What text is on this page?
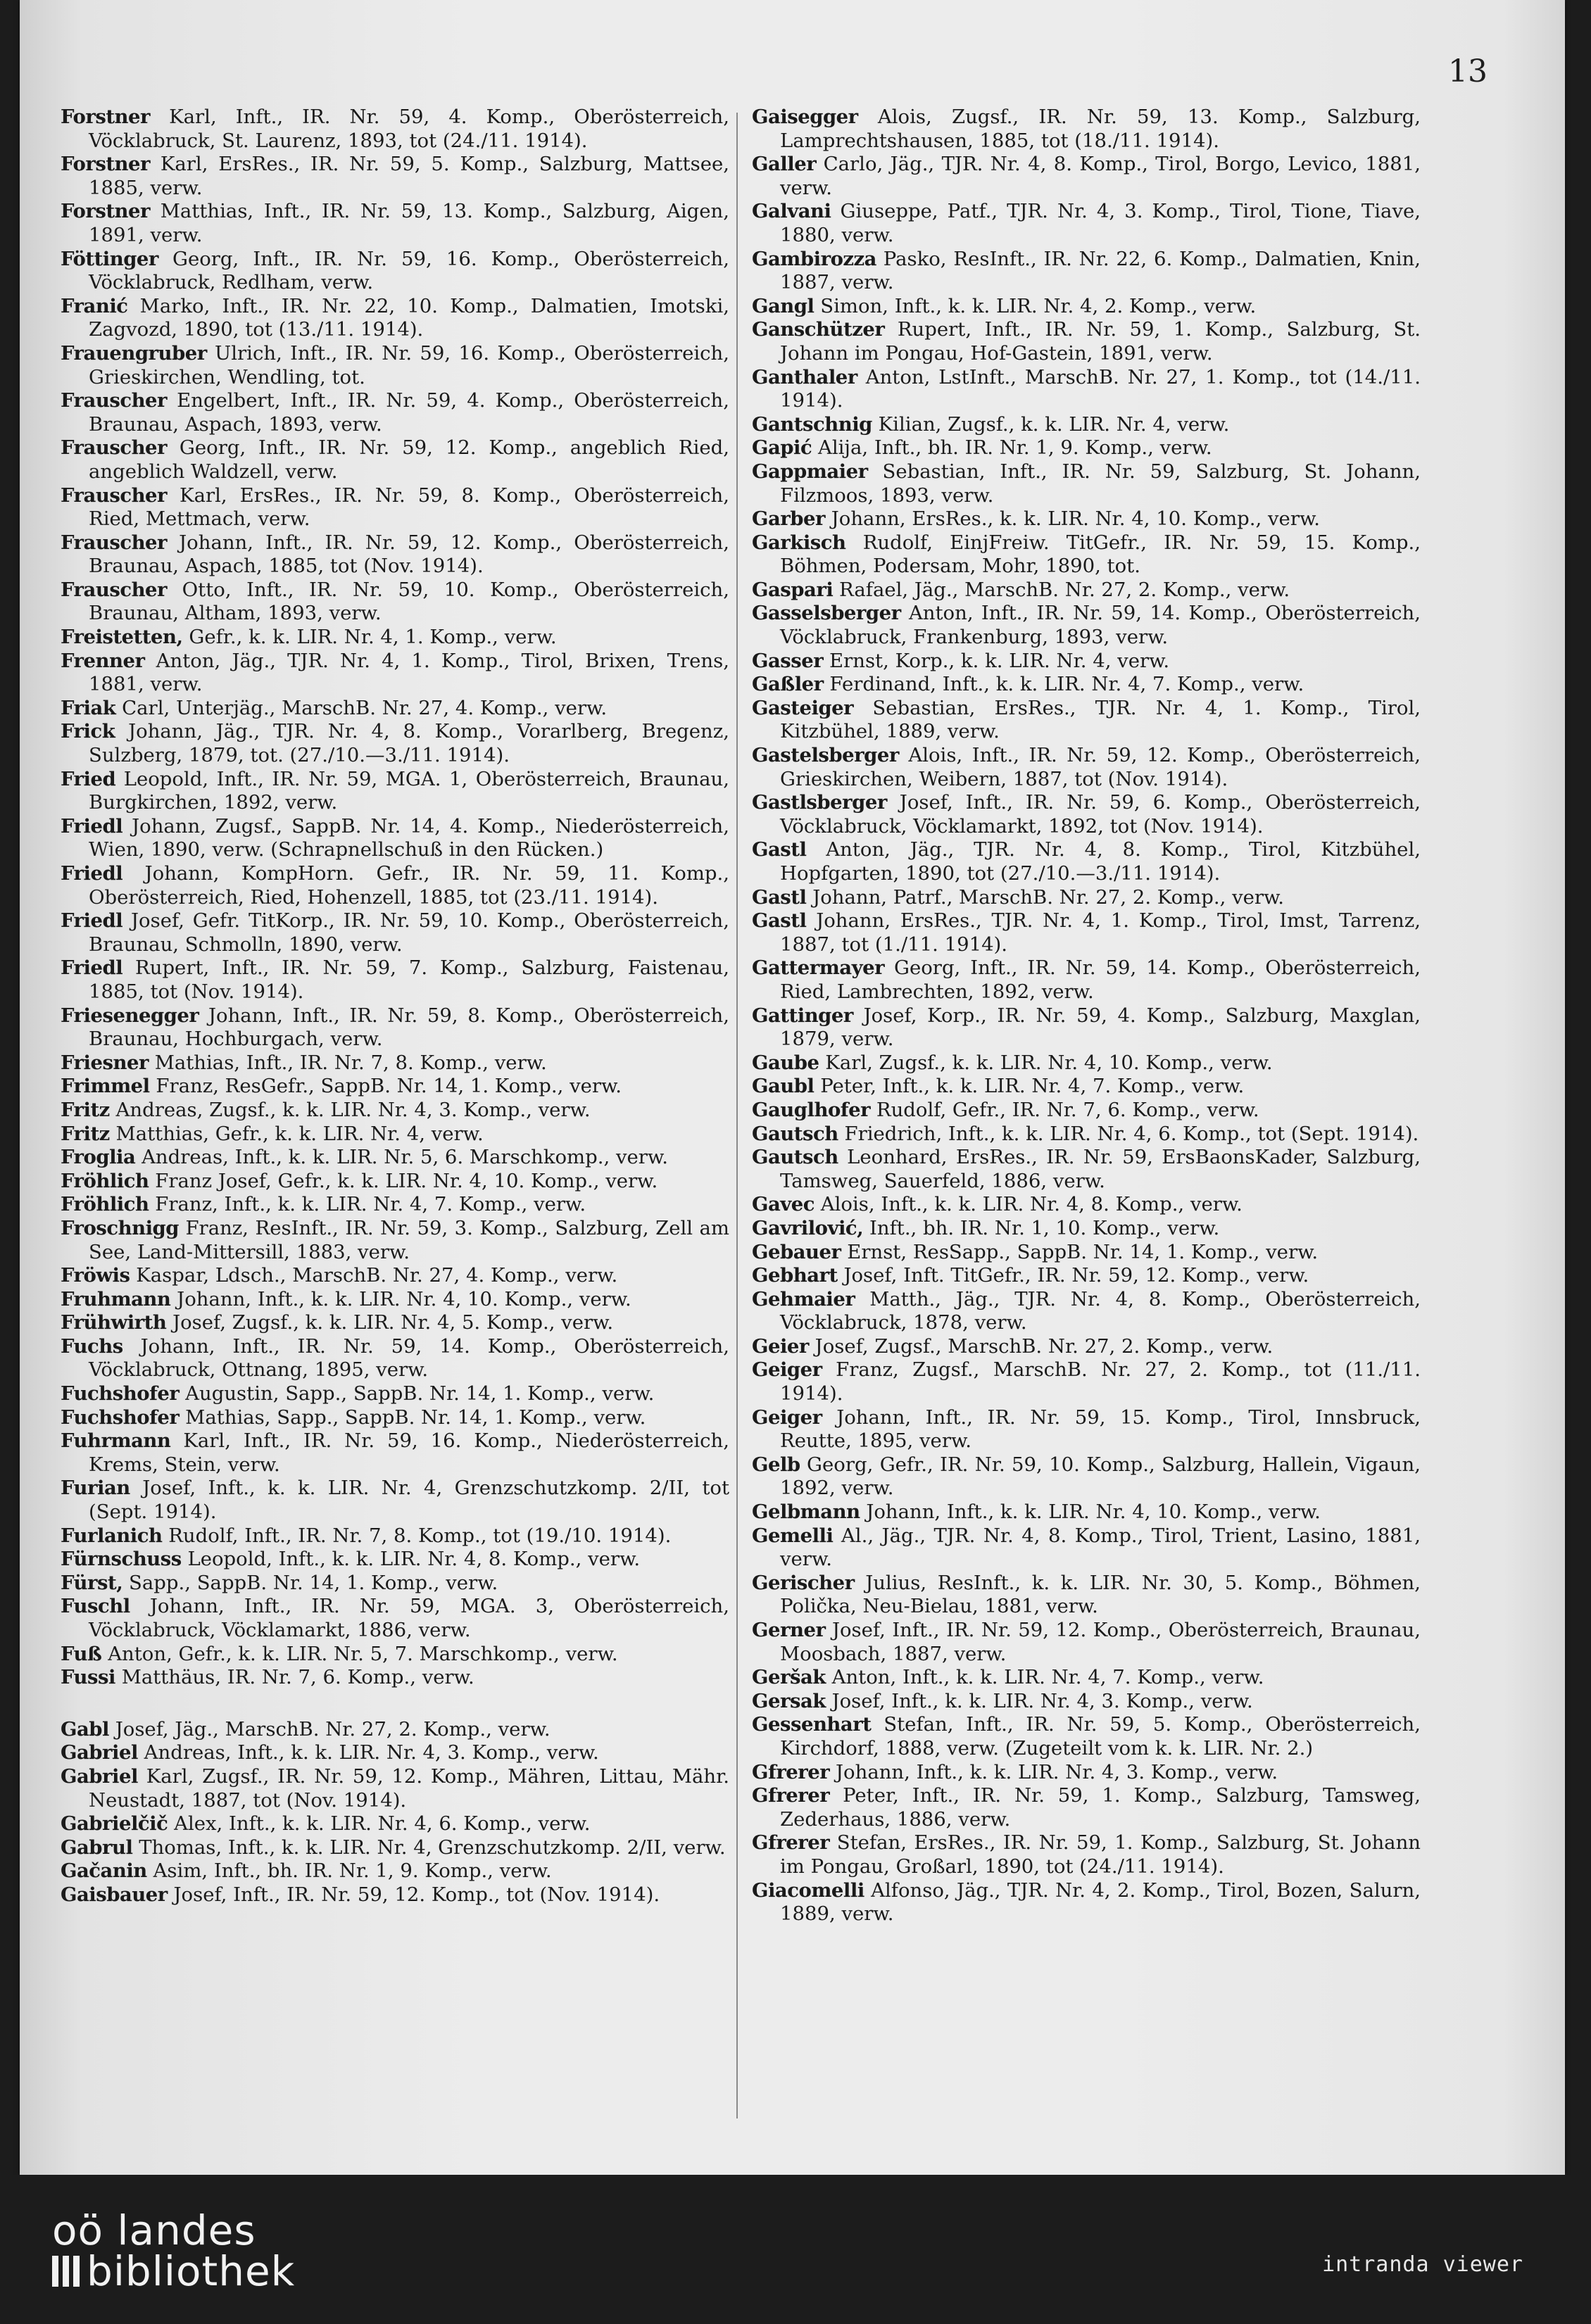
13

Forstner Karl, Inft., IR. Nr. 59, 4. Komp., Oberösterreich, Vöcklabruck, St. Laurenz, 1893, tot (24./11. 1914).

Forstner Karl, ErsRes., IR. Nr. 59, 5. Komp., Salzburg, Mattsee, 1885, verw.

Forstner Matthias, Inft., IR. Nr. 59, 13. Komp., Salzburg, Aigen, 1891, verw.

Föttinger Georg, Inft., IR. Nr. 59, 16. Komp., Oberösterreich, Vöcklabruck, Redlham, verw.

Franić Marko, Inft., IR. Nr. 22, 10. Komp., Dalmatien, Imotski, Zagvozd, 1890, tot (13./11. 1914).

Frauengruber Ulrich, Inft., IR. Nr. 59, 16. Komp., Oberösterreich, Grieskirchen, Wendling, tot.

Frauscher Engelbert, Inft., IR. Nr. 59, 4. Komp., Oberösterreich, Braunau, Aspach, 1893, verw.

Frauscher Georg, Inft., IR. Nr. 59, 12. Komp., angeblich Ried, angeblich Waldzell, verw.

Frauscher Karl, ErsRes., IR. Nr. 59, 8. Komp., Oberösterreich, Ried, Mettmach, verw.

Frauscher Johann, Inft., IR. Nr. 59, 12. Komp., Oberösterreich, Braunau, Aspach, 1885, tot (Nov. 1914).

Frauscher Otto, Inft., IR. Nr. 59, 10. Komp., Oberösterreich, Braunau, Altham, 1893, verw.

Freistetten, Gefr., k. k. LIR. Nr. 4, 1. Komp., verw.

Frenner Anton, Jäg., TJR. Nr. 4, 1. Komp., Tirol, Brixen, Trens, 1881, verw.

Friak Carl, Unterjäg., MarschB. Nr. 27, 4. Komp., verw.

Frick Johann, Jäg., TJR. Nr. 4, 8. Komp., Vorarlberg, Bregenz, Sulzberg, 1879, tot. (27./10.—3./11. 1914).

Fried Leopold, Inft., IR. Nr. 59, MGA. 1, Oberösterreich, Braunau, Burgkirchen, 1892, verw.

Friedl Johann, Zugsf., SappB. Nr. 14, 4. Komp., Niederösterreich, Wien, 1890, verw. (Schrapnellschuß in den Rücken.)

Friedl Johann, KompHorn. Gefr., IR. Nr. 59, 11. Komp., Oberösterreich, Ried, Hohenzell, 1885, tot (23./11. 1914).

Friedl Josef, Gefr. TitKorp., IR. Nr. 59, 10. Komp., Oberösterreich, Braunau, Schmolln, 1890, verw.

Friedl Rupert, Inft., IR. Nr. 59, 7. Komp., Salzburg, Faistenau, 1885, tot (Nov. 1914).

Friesenegger Johann, Inft., IR. Nr. 59, 8. Komp., Oberösterreich, Braunau, Hochburgach, verw.

Friesner Mathias, Inft., IR. Nr. 7, 8. Komp., verw.

Frimmel Franz, ResGefr., SappB. Nr. 14, 1. Komp., verw.

Fritz Andreas, Zugsf., k. k. LIR. Nr. 4, 3. Komp., verw.

Fritz Matthias, Gefr., k. k. LIR. Nr. 4, verw.

Froglia Andreas, Inft., k. k. LIR. Nr. 5, 6. Marschkomp., verw.

Fröhlich Franz Josef, Gefr., k. k. LIR. Nr. 4, 10. Komp., verw.

Fröhlich Franz, Inft., k. k. LIR. Nr. 4, 7. Komp., verw.

Froschnigg Franz, ResInft., IR. Nr. 59, 3. Komp., Salzburg, Zell am See, Land-Mittersill, 1883, verw.

Fröwis Kaspar, Ldsch., MarschB. Nr. 27, 4. Komp., verw.

Fruhmann Johann, Inft., k. k. LIR. Nr. 4, 10. Komp., verw.

Frühwirth Josef, Zugsf., k. k. LIR. Nr. 4, 5. Komp., verw.

Fuchs Johann, Inft., IR. Nr. 59, 14. Komp., Oberösterreich, Vöcklabruck, Ottnang, 1895, verw.

Fuchshofer Augustin, Sapp., SappB. Nr. 14, 1. Komp., verw.

Fuchshofer Mathias, Sapp., SappB. Nr. 14, 1. Komp., verw.

Fuhrmann Karl, Inft., IR. Nr. 59, 16. Komp., Niederösterreich, Krems, Stein, verw.

Furian Josef, Inft., k. k. LIR. Nr. 4, Grenzschutzkomp. 2/II, tot (Sept. 1914).

Furlanich Rudolf, Inft., IR. Nr. 7, 8. Komp., tot (19./10. 1914).

Fürnschuss Leopold, Inft., k. k. LIR. Nr. 4, 8. Komp., verw.

Fürst, Sapp., SappB. Nr. 14, 1. Komp., verw.

Fuschl Johann, Inft., IR. Nr. 59, MGA. 3, Oberösterreich, Vöcklabruck, Vöcklamarkt, 1886, verw.

Fuß Anton, Gefr., k. k. LIR. Nr. 5, 7. Marschkomp., verw.

Fussi Matthäus, IR. Nr. 7, 6. Komp., verw.

Gabl Josef, Jäg., MarschB. Nr. 27, 2. Komp., verw.

Gabriel Andreas, Inft., k. k. LIR. Nr. 4, 3. Komp., verw.

Gabriel Karl, Zugsf., IR. Nr. 59, 12. Komp., Mähren, Littau, Mähr. Neustadt, 1887, tot (Nov. 1914).

Gabrielčič Alex, Inft., k. k. LIR. Nr. 4, 6. Komp., verw.

Gabrul Thomas, Inft., k. k. LIR. Nr. 4, Grenzschutzkomp. 2/II, verw.

Gačanin Asim, Inft., bh. IR. Nr. 1, 9. Komp., verw.

Gaisbauer Josef, Inft., IR. Nr. 59, 12. Komp., tot (Nov. 1914).

Gaisegger Alois, Zugsf., IR. Nr. 59, 13. Komp., Salzburg, Lamprechtshausen, 1885, tot (18./11. 1914).

Galler Carlo, Jäg., TJR. Nr. 4, 8. Komp., Tirol, Borgo, Levico, 1881, verw.

Galvani Giuseppe, Patf., TJR. Nr. 4, 3. Komp., Tirol, Tione, Tiave, 1880, verw.

Gambirozza Pasko, ResInft., IR. Nr. 22, 6. Komp., Dalmatien, Knin, 1887, verw.

Gangl Simon, Inft., k. k. LIR. Nr. 4, 2. Komp., verw.

Ganschützer Rupert, Inft., IR. Nr. 59, 1. Komp., Salzburg, St. Johann im Pongau, Hof-Gastein, 1891, verw.

Ganthaler Anton, LstInft., MarschB. Nr. 27, 1. Komp., tot (14./11. 1914).

Gantschnig Kilian, Zugsf., k. k. LIR. Nr. 4, verw.

Gapić Alija, Inft., bh. IR. Nr. 1, 9. Komp., verw.

Gappmaier Sebastian, Inft., IR. Nr. 59, Salzburg, St. Johann, Filzmoos, 1893, verw.

Garber Johann, ErsRes., k. k. LIR. Nr. 4, 10. Komp., verw.

Garkisch Rudolf, EinjFreiw. TitGefr., IR. Nr. 59, 15. Komp., Böhmen, Podersam, Mohr, 1890, tot.

Gaspari Rafael, Jäg., MarschB. Nr. 27, 2. Komp., verw.

Gasselsberger Anton, Inft., IR. Nr. 59, 14. Komp., Oberösterreich, Vöcklabruck, Frankenburg, 1893, verw.

Gasser Ernst, Korp., k. k. LIR. Nr. 4, verw.

Gaßler Ferdinand, Inft., k. k. LIR. Nr. 4, 7. Komp., verw.

Gasteiger Sebastian, ErsRes., TJR. Nr. 4, 1. Komp., Tirol, Kitzbühel, 1889, verw.

Gastelsberger Alois, Inft., IR. Nr. 59, 12. Komp., Oberösterreich, Grieskirchen, Weibern, 1887, tot (Nov. 1914).

Gastlsberger Josef, Inft., IR. Nr. 59, 6. Komp., Oberösterreich, Vöcklabruck, Vöcklamarkt, 1892, tot (Nov. 1914).

Gastl Anton, Jäg., TJR. Nr. 4, 8. Komp., Tirol, Kitzbühel, Hopfgarten, 1890, tot (27./10.—3./11. 1914).

Gastl Johann, Patrf., MarschB. Nr. 27, 2. Komp., verw.

Gastl Johann, ErsRes., TJR. Nr. 4, 1. Komp., Tirol, Imst, Tarrenz, 1887, tot (1./11. 1914).

Gattermayer Georg, Inft., IR. Nr. 59, 14. Komp., Oberösterreich, Ried, Lambrechten, 1892, verw.

Gattinger Josef, Korp., IR. Nr. 59, 4. Komp., Salzburg, Maxglan, 1879, verw.

Gaube Karl, Zugsf., k. k. LIR. Nr. 4, 10. Komp., verw.

Gaubl Peter, Inft., k. k. LIR. Nr. 4, 7. Komp., verw.

Gauglhofer Rudolf, Gefr., IR. Nr. 7, 6. Komp., verw.

Gautsch Friedrich, Inft., k. k. LIR. Nr. 4, 6. Komp., tot (Sept. 1914).

Gautsch Leonhard, ErsRes., IR. Nr. 59, ErsBaonsKader, Salzburg, Tamsweg, Sauerfeld, 1886, verw.

Gavec Alois, Inft., k. k. LIR. Nr. 4, 8. Komp., verw.

Gavrilović, Inft., bh. IR. Nr. 1, 10. Komp., verw.

Gebauer Ernst, ResSapp., SappB. Nr. 14, 1. Komp., verw.

Gebhart Josef, Inft. TitGefr., IR. Nr. 59, 12. Komp., verw.

Gehmaier Matth., Jäg., TJR. Nr. 4, 8. Komp., Oberösterreich, Vöcklabruck, 1878, verw.

Geier Josef, Zugsf., MarschB. Nr. 27, 2. Komp., verw.

Geiger Franz, Zugsf., MarschB. Nr. 27, 2. Komp., tot (11./11. 1914).

Geiger Johann, Inft., IR. Nr. 59, 15. Komp., Tirol, Innsbruck, Reutte, 1895, verw.

Gelb Georg, Gefr., IR. Nr. 59, 10. Komp., Salzburg, Hallein, Vigaun, 1892, verw.

Gelbmann Johann, Inft., k. k. LIR. Nr. 4, 10. Komp., verw.

Gemelli Al., Jäg., TJR. Nr. 4, 8. Komp., Tirol, Trient, Lasino, 1881, verw.

Gerischer Julius, ResInft., k. k. LIR. Nr. 30, 5. Komp., Böhmen, Polička, Neu-Bielau, 1881, verw.

Gerner Josef, Inft., IR. Nr. 59, 12. Komp., Oberösterreich, Braunau, Moosbach, 1887, verw.

Geršak Anton, Inft., k. k. LIR. Nr. 4, 7. Komp., verw.

Gersak Josef, Inft., k. k. LIR. Nr. 4, 3. Komp., verw.

Gessenhart Stefan, Inft., IR. Nr. 59, 5. Komp., Oberösterreich, Kirchdorf, 1888, verw. (Zugeteilt vom k. k. LIR. Nr. 2.)

Gfrerer Johann, Inft., k. k. LIR. Nr. 4, 3. Komp., verw.

Gfrerer Peter, Inft., IR. Nr. 59, 1. Komp., Salzburg, Tamsweg, Zederhaus, 1886, verw.

Gfrerer Stefan, ErsRes., IR. Nr. 59, 1. Komp., Salzburg, St. Johann im Pongau, Großarl, 1890, tot (24./11. 1914).

Giacomelli Alfonso, Jäg., TJR. Nr. 4, 2. Komp., Tirol, Bozen, Salurn, 1889, verw.

oö landes
bibliothek	intranda viewer
